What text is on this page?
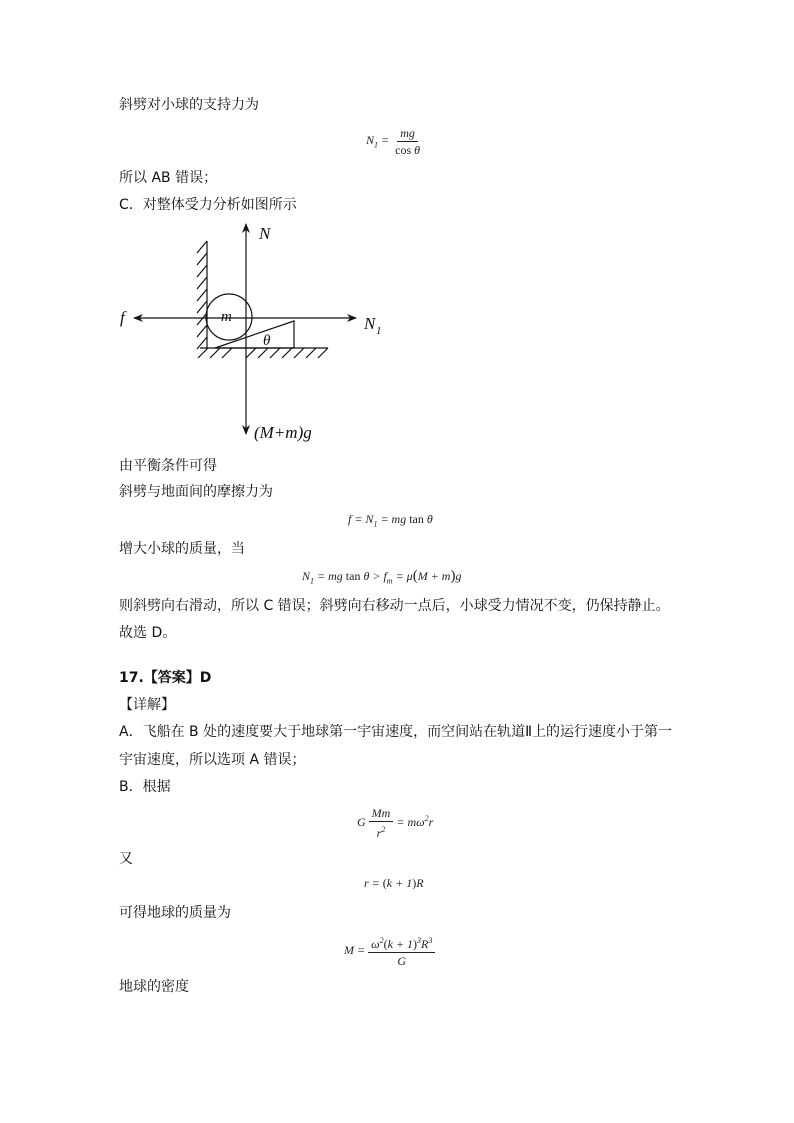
斜劈对小球的支持力为
$N_1 = \frac{mg}{\text{cos θ}}$
所以 AB 错误；
C．对整体受力分析如图所示
N
f	N 1
m
θ
(M+m)g
由平衡条件可得
斜劈与地面间的摩擦力为
$f = N_1$ = mg tan θ
增大小球的质量，当
$N_1$ = mg $\tan \theta > f_m = \mu(M + m)g$
则斜劈向右滑动，所以 C 错误；斜劈向右移动一点后，小球受力情况不变，仍保持静止。
故选 D。
17.【答案】D
【详解】
A．飞船在 B 处的速度要大于地球第一宇宙速度，而空间站在轨道Ⅱ上的运行速度小于第一
宇宙速度，所以选项 A 错误；
B．根据
G $\frac{Mm}{r^2} = m\omega^2r$
又
r = (k + 1)R
可得地球的质量为
$M = \frac{\omega^2(k + 1)^3R^3}{G}$
地球的密度
